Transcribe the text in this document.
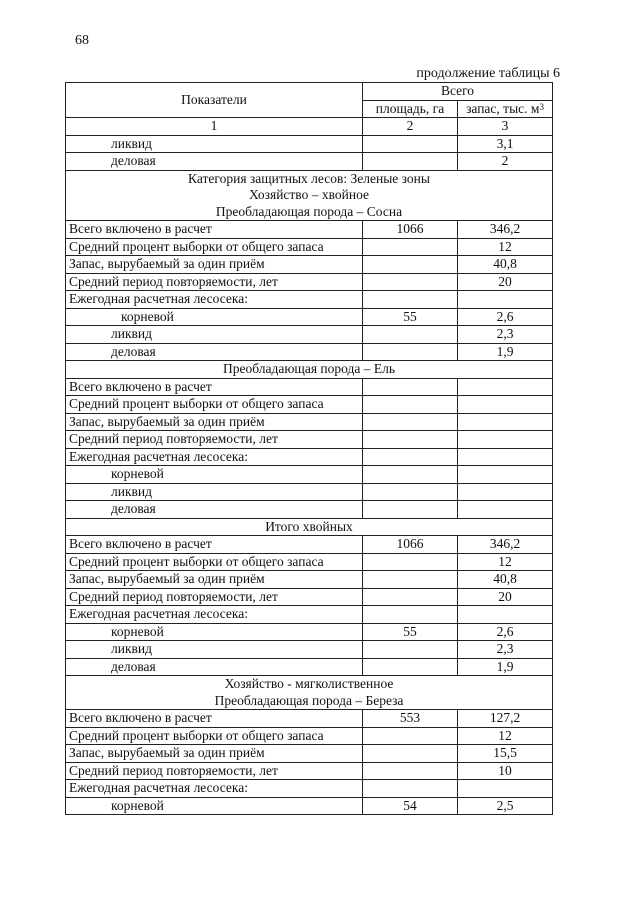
68
продолжение таблицы 6
Показатели	Всего	
	площадь, га	запас, тыс. $м^3$
1	2	3
ликвид		3,1
деловая		2

Категория защитных лесов: Зеленые зоны
Хозяйство – хвойное
Преобладающая порода – Сосна		

Всего включено в расчет	1066	346,2
Средний процент выборки от общего запаса		12
Запас, вырубаемый за один приём		40,8
Средний период повторяемости, лет		20
Ежегодная расчетная лесосека:		
корневой	55	2,6
ликвид		2,3
деловая		1,9

Преобладающая порода – Ель		

Всего включено в расчет		
Средний процент выборки от общего запаса		
Запас, вырубаемый за один приём		
Средний период повторяемости, лет		
Ежегодная расчетная лесосека:		
корневой		
ликвид		
деловая		

Итого хвойных		

Всего включено в расчет	1066	346,2
Средний процент выборки от общего запаса		12
Запас, вырубаемый за один приём		40,8
Средний период повторяемости, лет		20
Ежегодная расчетная лесосека:		
корневой	55	2,6
ликвид		2,3
деловая		1,9

Хозяйство - мягколиственное
Преобладающая порода – Береза		

Всего включено в расчет	553	127,2
Средний процент выборки от общего запаса		12
Запас, вырубаемый за один приём		15,5
Средний период повторяемости, лет		10
Ежегодная расчетная лесосека:		
корневой	54	2,5
